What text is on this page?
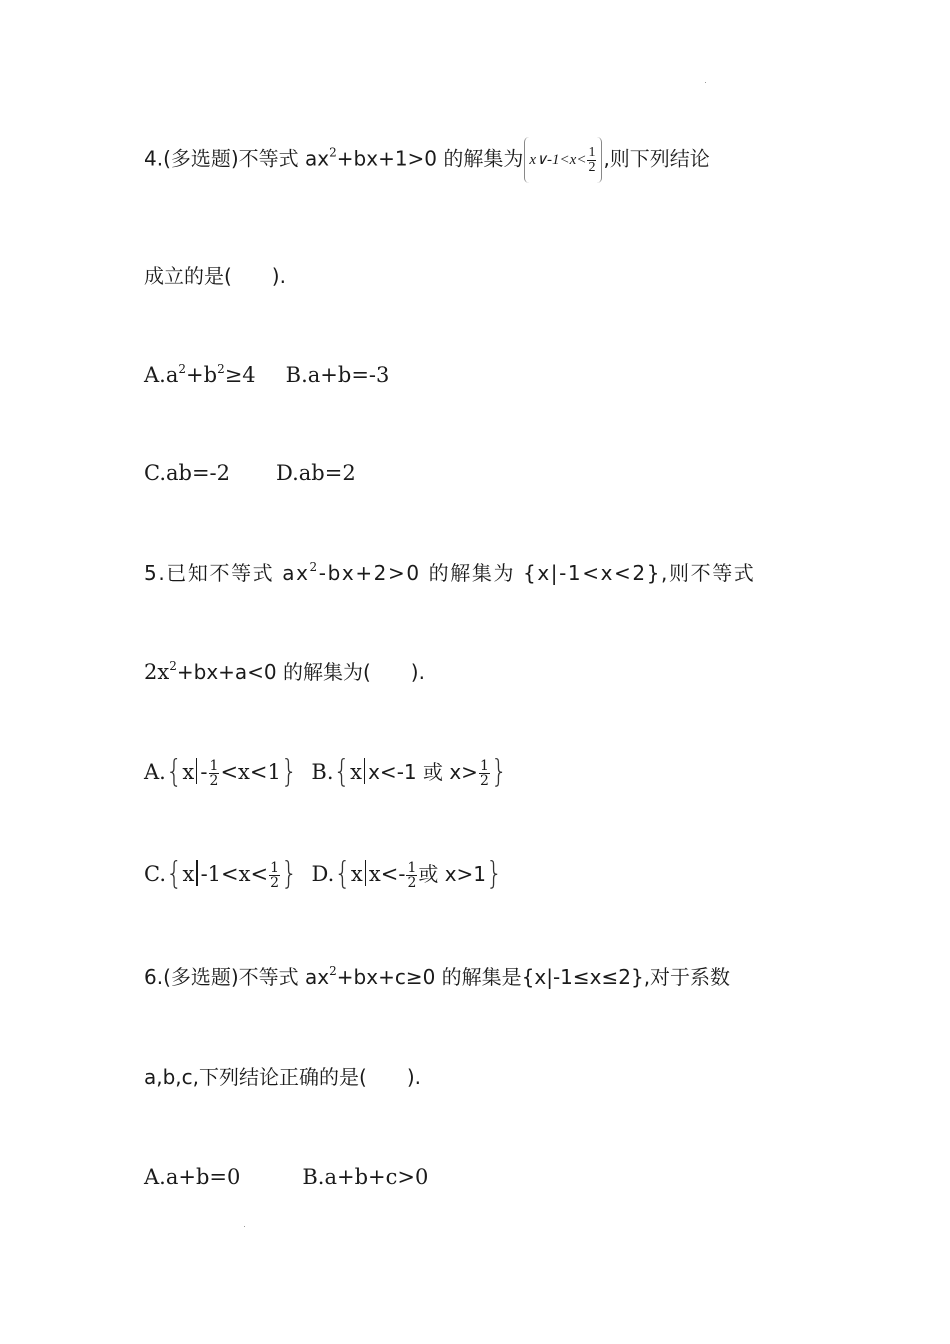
4.(多选题)不等式 $ax^2+bx+1>0$ 的解集为 x∨-1<x< $\frac{1}{2}$ ,则下列结论
成立的是(　　).
$A.a^2+b^2\ge 4$ B.a+b=-3
C.ab=-2 D.ab=2
5.已知不等式 $ax^2-bx+2>0$ 的解集为 {x|-1<x<2},则不等式
$2x^2+bx+a<0$ 的解集为(　　).
$A.\{x - \frac{1}{2} <x<1\}$ B.{x x<-1 或 $x> \frac{1}{2}$ }
C.{x $-1<x< \frac{1}{2}$ } D.{x $x<- \frac{1}{2}$ 或 x>1}
6.(多选题)不等式 $ax^2+bx+c\ge 0$ 的解集是{x|-1≤x≤2},对于系数
a,b,c,下列结论正确的是(　　).
A.a+b=0	B.a+b+c>0
